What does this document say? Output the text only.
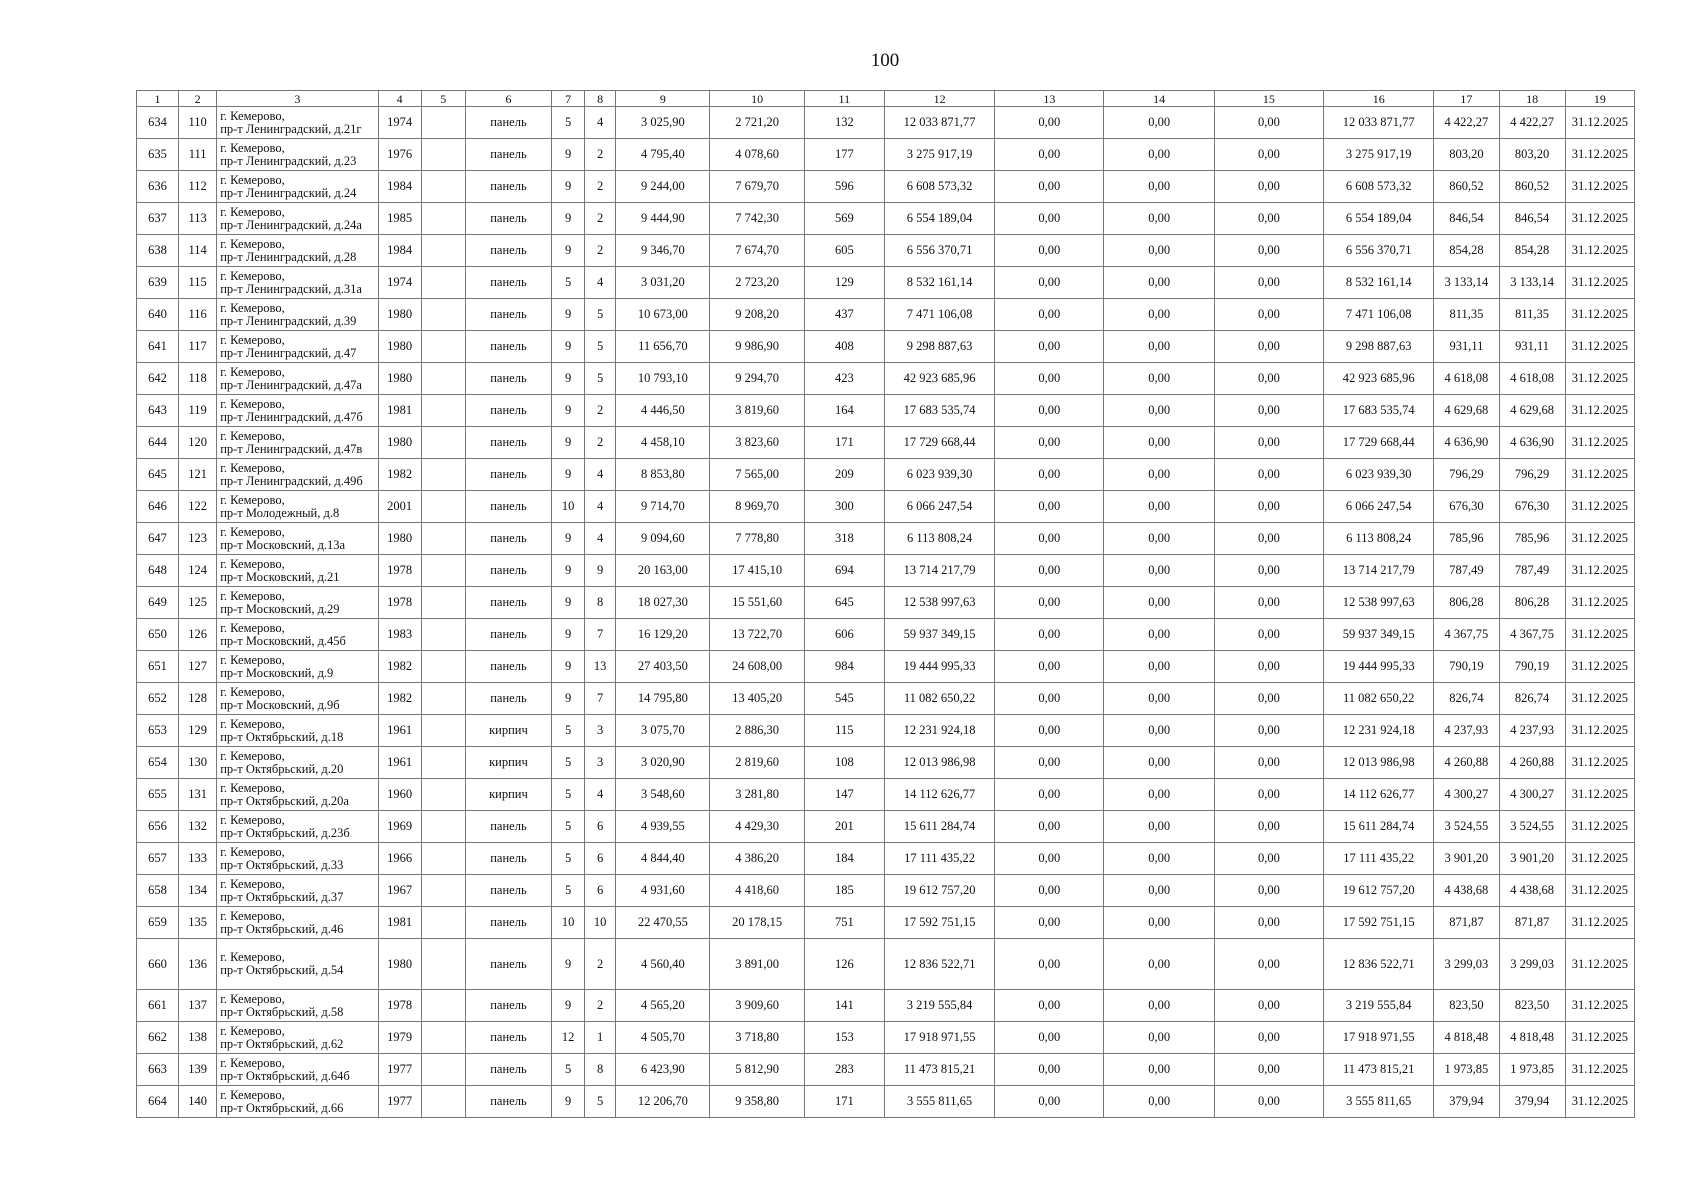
100
1	2	3	4	5	6	7	8	9	10	11	12	13	14	15	16	17	18	19
634	110	г. Кемерово,
пр-т Ленинградский, д.21г	1974		панель	5	4	3 025,90	2 721,20	132	12 033 871,77	0,00	0,00	0,00	12 033 871,77	4 422,27	4 422,27	31.12.2025
635	111	г. Кемерово,
пр-т Ленинградский, д.23	1976		панель	9	2	4 795,40	4 078,60	177	3 275 917,19	0,00	0,00	0,00	3 275 917,19	803,20	803,20	31.12.2025
636	112	г. Кемерово,
пр-т Ленинградский, д.24	1984		панель	9	2	9 244,00	7 679,70	596	6 608 573,32	0,00	0,00	0,00	6 608 573,32	860,52	860,52	31.12.2025
637	113	г. Кемерово,
пр-т Ленинградский, д.24а	1985		панель	9	2	9 444,90	7 742,30	569	6 554 189,04	0,00	0,00	0,00	6 554 189,04	846,54	846,54	31.12.2025
638	114	г. Кемерово,
пр-т Ленинградский, д.28	1984		панель	9	2	9 346,70	7 674,70	605	6 556 370,71	0,00	0,00	0,00	6 556 370,71	854,28	854,28	31.12.2025
639	115	г. Кемерово,
пр-т Ленинградский, д.31а	1974		панель	5	4	3 031,20	2 723,20	129	8 532 161,14	0,00	0,00	0,00	8 532 161,14	3 133,14	3 133,14	31.12.2025
640	116	г. Кемерово,
пр-т Ленинградский, д.39	1980		панель	9	5	10 673,00	9 208,20	437	7 471 106,08	0,00	0,00	0,00	7 471 106,08	811,35	811,35	31.12.2025
641	117	г. Кемерово,
пр-т Ленинградский, д.47	1980		панель	9	5	11 656,70	9 986,90	408	9 298 887,63	0,00	0,00	0,00	9 298 887,63	931,11	931,11	31.12.2025
642	118	г. Кемерово,
пр-т Ленинградский, д.47а	1980		панель	9	5	10 793,10	9 294,70	423	42 923 685,96	0,00	0,00	0,00	42 923 685,96	4 618,08	4 618,08	31.12.2025
643	119	г. Кемерово,
пр-т Ленинградский, д.47б	1981		панель	9	2	4 446,50	3 819,60	164	17 683 535,74	0,00	0,00	0,00	17 683 535,74	4 629,68	4 629,68	31.12.2025
644	120	г. Кемерово,
пр-т Ленинградский, д.47в	1980		панель	9	2	4 458,10	3 823,60	171	17 729 668,44	0,00	0,00	0,00	17 729 668,44	4 636,90	4 636,90	31.12.2025
645	121	г. Кемерово,
пр-т Ленинградский, д.49б	1982		панель	9	4	8 853,80	7 565,00	209	6 023 939,30	0,00	0,00	0,00	6 023 939,30	796,29	796,29	31.12.2025
646	122	г. Кемерово,
пр-т Молодежный, д.8	2001		панель	10	4	9 714,70	8 969,70	300	6 066 247,54	0,00	0,00	0,00	6 066 247,54	676,30	676,30	31.12.2025
647	123	г. Кемерово,
пр-т Московский, д.13а	1980		панель	9	4	9 094,60	7 778,80	318	6 113 808,24	0,00	0,00	0,00	6 113 808,24	785,96	785,96	31.12.2025
648	124	г. Кемерово,
пр-т Московский, д.21	1978		панель	9	9	20 163,00	17 415,10	694	13 714 217,79	0,00	0,00	0,00	13 714 217,79	787,49	787,49	31.12.2025
649	125	г. Кемерово,
пр-т Московский, д.29	1978		панель	9	8	18 027,30	15 551,60	645	12 538 997,63	0,00	0,00	0,00	12 538 997,63	806,28	806,28	31.12.2025
650	126	г. Кемерово,
пр-т Московский, д.45б	1983		панель	9	7	16 129,20	13 722,70	606	59 937 349,15	0,00	0,00	0,00	59 937 349,15	4 367,75	4 367,75	31.12.2025
651	127	г. Кемерово,
пр-т Московский, д.9	1982		панель	9	13	27 403,50	24 608,00	984	19 444 995,33	0,00	0,00	0,00	19 444 995,33	790,19	790,19	31.12.2025
652	128	г. Кемерово,
пр-т Московский, д.9б	1982		панель	9	7	14 795,80	13 405,20	545	11 082 650,22	0,00	0,00	0,00	11 082 650,22	826,74	826,74	31.12.2025
653	129	г. Кемерово,
пр-т Октябрьский, д.18	1961		кирпич	5	3	3 075,70	2 886,30	115	12 231 924,18	0,00	0,00	0,00	12 231 924,18	4 237,93	4 237,93	31.12.2025
654	130	г. Кемерово,
пр-т Октябрьский, д.20	1961		кирпич	5	3	3 020,90	2 819,60	108	12 013 986,98	0,00	0,00	0,00	12 013 986,98	4 260,88	4 260,88	31.12.2025
655	131	г. Кемерово,
пр-т Октябрьский, д.20а	1960		кирпич	5	4	3 548,60	3 281,80	147	14 112 626,77	0,00	0,00	0,00	14 112 626,77	4 300,27	4 300,27	31.12.2025
656	132	г. Кемерово,
пр-т Октябрьский, д.23б	1969		панель	5	6	4 939,55	4 429,30	201	15 611 284,74	0,00	0,00	0,00	15 611 284,74	3 524,55	3 524,55	31.12.2025
657	133	г. Кемерово,
пр-т Октябрьский, д.33	1966		панель	5	6	4 844,40	4 386,20	184	17 111 435,22	0,00	0,00	0,00	17 111 435,22	3 901,20	3 901,20	31.12.2025
658	134	г. Кемерово,
пр-т Октябрьский, д.37	1967		панель	5	6	4 931,60	4 418,60	185	19 612 757,20	0,00	0,00	0,00	19 612 757,20	4 438,68	4 438,68	31.12.2025
659	135	г. Кемерово,
пр-т Октябрьский, д.46	1981		панель	10	10	22 470,55	20 178,15	751	17 592 751,15	0,00	0,00	0,00	17 592 751,15	871,87	871,87	31.12.2025
660	136	г. Кемерово,
пр-т Октябрьский, д.54	1980		панель	9	2	4 560,40	3 891,00	126	12 836 522,71	0,00	0,00	0,00	12 836 522,71	3 299,03	3 299,03	31.12.2025
661	137	г. Кемерово,
пр-т Октябрьский, д.58	1978		панель	9	2	4 565,20	3 909,60	141	3 219 555,84	0,00	0,00	0,00	3 219 555,84	823,50	823,50	31.12.2025
662	138	г. Кемерово,
пр-т Октябрьский, д.62	1979		панель	12	1	4 505,70	3 718,80	153	17 918 971,55	0,00	0,00	0,00	17 918 971,55	4 818,48	4 818,48	31.12.2025
663	139	г. Кемерово,
пр-т Октябрьский, д.64б	1977		панель	5	8	6 423,90	5 812,90	283	11 473 815,21	0,00	0,00	0,00	11 473 815,21	1 973,85	1 973,85	31.12.2025
664	140	г. Кемерово,
пр-т Октябрьский, д.66	1977		панель	9	5	12 206,70	9 358,80	171	3 555 811,65	0,00	0,00	0,00	3 555 811,65	379,94	379,94	31.12.2025
